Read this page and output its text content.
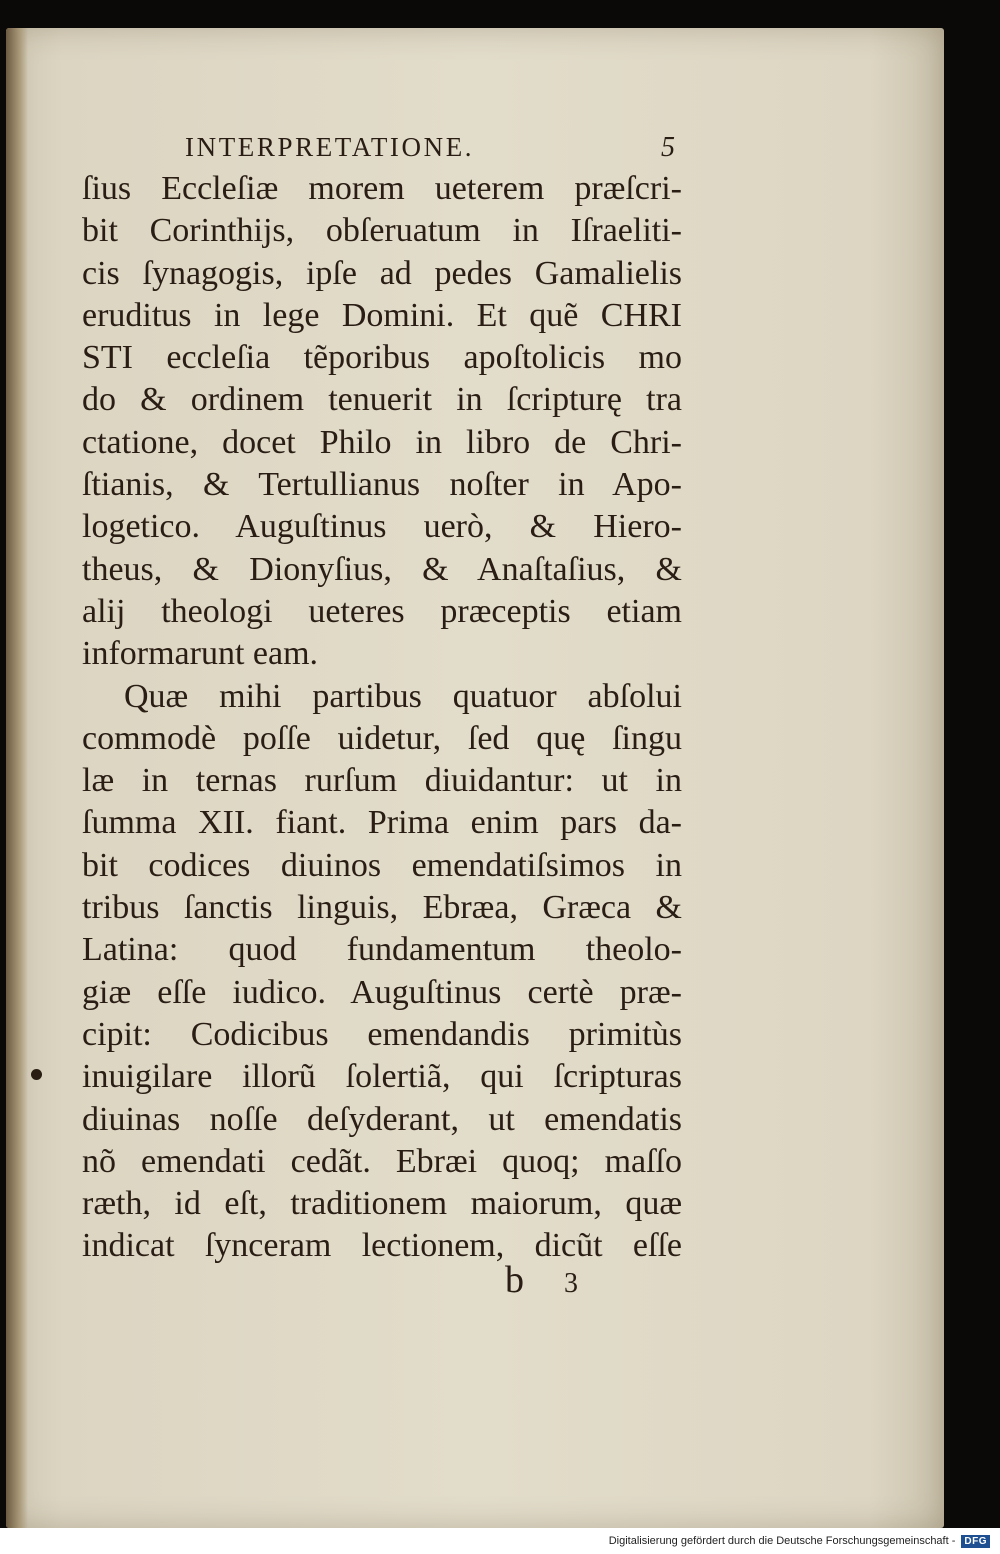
INTERPRETATIONE.	5
ſius Eccleſiæ morem ueterem præſcri-
bit Corinthijs, obſeruatum in Iſraeliti-
cis ſynagogis, ipſe ad pedes Gamalielis
eruditus in lege Domini. Et quẽ CHRI
STI eccleſia tẽporibus apoſtolicis mo
do & ordinem tenuerit in ſcripturę tra
ctatione, docet Philo in libro de Chri-
ſtianis, & Tertullianus noſter in Apo-
logetico. Auguſtinus uerò, & Hiero-
theus, & Dionyſius, & Anaſtaſius, &
alij theologi ueteres præceptis etiam
informarunt eam.
Quæ mihi partibus quatuor abſolui
commodè poſſe uidetur, ſed quę ſingu
læ in ternas rurſum diuidantur: ut in
ſumma XII. fiant. Prima enim pars da-
bit codices diuinos emendatiſsimos in
tribus ſanctis linguis, Ebræa, Græca &
Latina: quod fundamentum theolo-
giæ eſſe iudico. Auguſtinus certè præ-
cipit: Codicibus emendandis primitùs
inuigilare illorũ ſolertiã, qui ſcripturas
diuinas noſſe deſyderant, ut emendatis
nõ emendati cedãt. Ebræi quoq; maſſo
ræth, id eſt, traditionem maiorum, quæ
indicat ſynceram lectionem, dicũt eſſe
b 3
Digitalisierung gefördert durch die Deutsche Forschungsgemeinschaft - DFG
